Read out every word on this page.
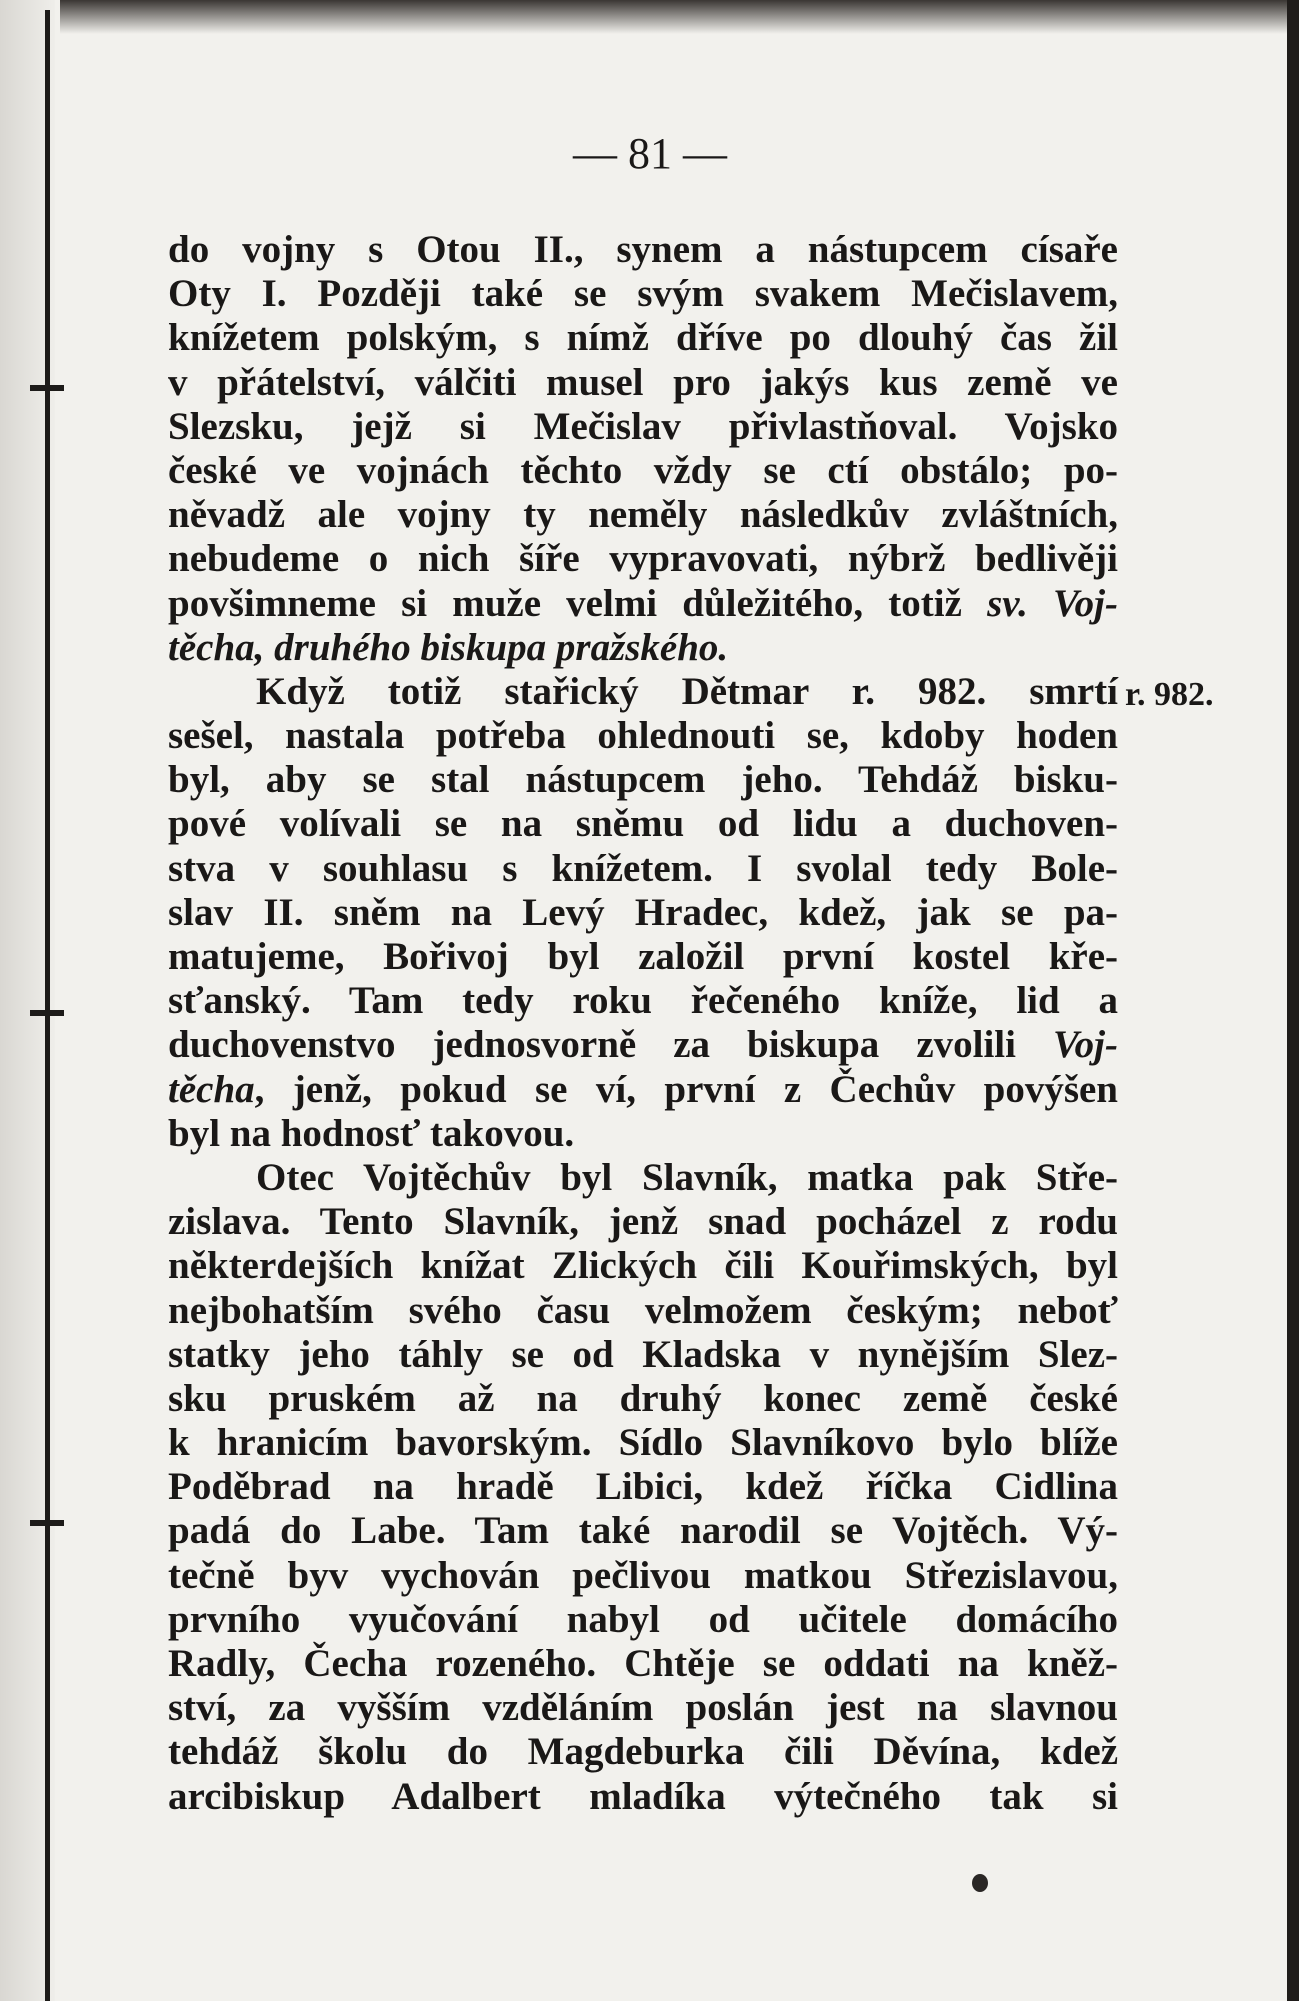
— 81 —
do vojny s Otou II., synem a nástupcem císaře
Oty I. Později také se svým svakem Mečislavem,
knížetem polským, s nímž dříve po dlouhý čas žil
v přátelství, válčiti musel pro jakýs kus země ve
Slezsku, jejž si Mečislav přivlastňoval. Vojsko
české ve vojnách těchto vždy se ctí obstálo; po-
něvadž ale vojny ty neměly následkův zvláštních,
nebudeme o nich šíře vypravovati, nýbrž bedlivěji
povšimneme si muže velmi důležitého, totiž sv. Voj-
těcha, druhého biskupa pražského.
Když totiž stařický Dětmar r. 982. smrtí
sešel, nastala potřeba ohlednouti se, kdoby hoden
byl, aby se stal nástupcem jeho. Tehdáž bisku-
pové volívali se na sněmu od lidu a duchoven-
stva v souhlasu s knížetem. I svolal tedy Bole-
slav II. sněm na Levý Hradec, kdež, jak se pa-
matujeme, Bořivoj byl založil první kostel kře-
sťanský. Tam tedy roku řečeného kníže, lid a
duchovenstvo jednosvorně za biskupa zvolili Voj-
těcha, jenž, pokud se ví, první z Čechův povýšen
byl na hodnosť takovou.
Otec Vojtěchův byl Slavník, matka pak Stře-
zislava. Tento Slavník, jenž snad pocházel z rodu
některdejších knížat Zlických čili Kouřimských, byl
nejbohatším svého času velmožem českým; neboť
statky jeho táhly se od Kladska v nynějším Slez-
sku pruském až na druhý konec země české
k hranicím bavorským. Sídlo Slavníkovo bylo blíže
Poděbrad na hradě Libici, kdež říčka Cidlina
padá do Labe. Tam také narodil se Vojtěch. Vý-
tečně byv vychován pečlivou matkou Střezislavou,
prvního vyučování nabyl od učitele domácího
Radly, Čecha rozeného. Chtěje se oddati na kněž-
ství, za vyšším vzděláním poslán jest na slavnou
tehdáž školu do Magdeburka čili Děvína, kdež
arcibiskup Adalbert mladíka výtečného tak si
r. 982.
